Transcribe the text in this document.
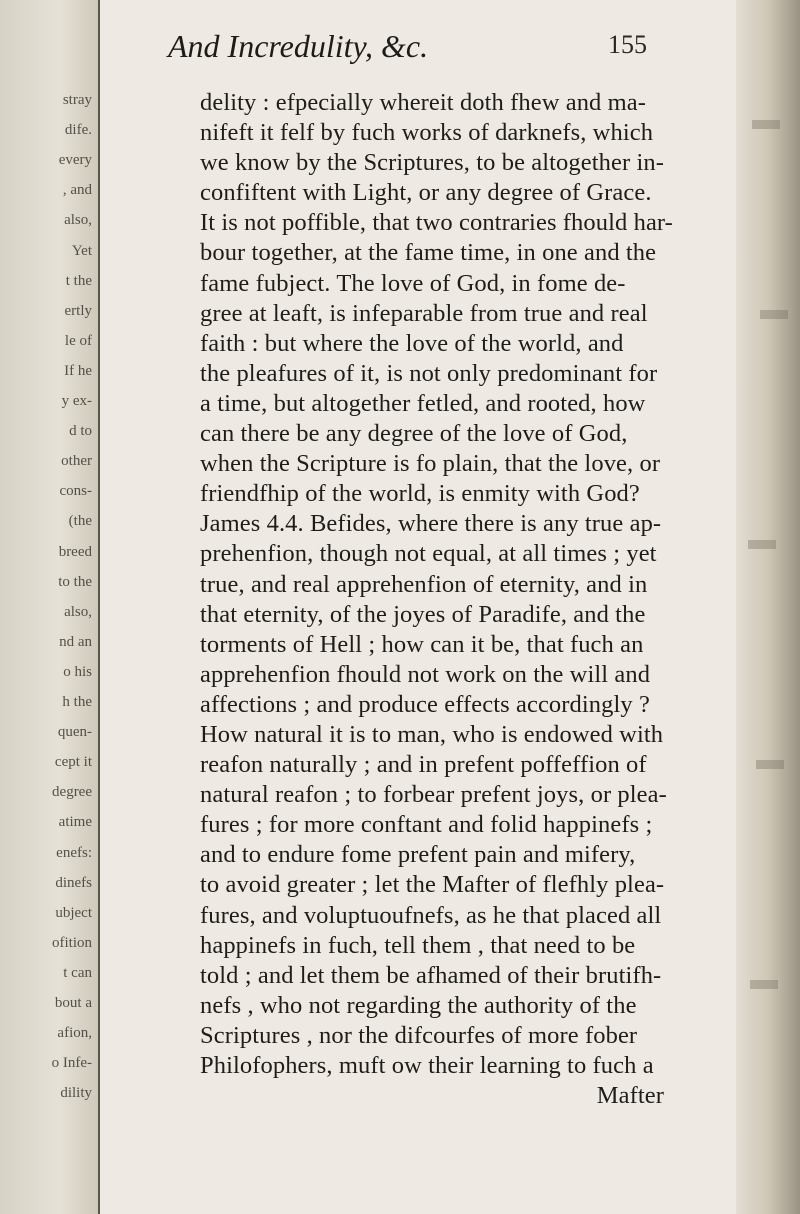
stray
dife.
every
, and
also,
Yet
t the
ertly
le of
If he
y ex-
d to
other
cons-
(the
breed
to the
also,
nd an
o his
h the
quen-
cept it
degree
atime
enefs:
dinefs
ubject
ofition
t can
bout a
afion,
o Infe-
dility
And Incredulity, &c.	155
delity : efpecially whereit doth fhew and ma-
nifeft it felf by fuch works of darknefs, which
we know by the Scriptures, to be altogether in-
confiftent with Light, or any degree of Grace.
It is not poffible, that two contraries fhould har-
bour together, at the fame time, in one and the
fame fubject. The love of God, in fome de-
gree at leaft, is infeparable from true and real
faith : but where the love of the world, and
the pleafures of it, is not only predominant for
a time, but altogether fetled, and rooted, how
can there be any degree of the love of God,
when the Scripture is fo plain, that the love, or
friendfhip of the world, is enmity with God?
James 4.4. Befides, where there is any true ap-
prehenfion, though not equal, at all times ; yet
true, and real apprehenfion of eternity, and in
that eternity, of the joyes of Paradife, and the
torments of Hell ; how can it be, that fuch an
apprehenfion fhould not work on the will and
affections ; and produce effects accordingly ?
How natural it is to man, who is endowed with
reafon naturally ; and in prefent poffeffion of
natural reafon ; to forbear prefent joys, or plea-
fures ; for more conftant and folid happinefs ;
and to endure fome prefent pain and mifery,
to avoid greater ; let the Mafter of flefhly plea-
fures, and voluptuoufnefs, as he that placed all
happinefs in fuch, tell them , that need to be
told ; and let them be afhamed of their brutifh-
nefs , who not regarding the authority of the
Scriptures , nor the difcourfes of more fober
Philofophers, muft ow their learning to fuch a
Mafter
